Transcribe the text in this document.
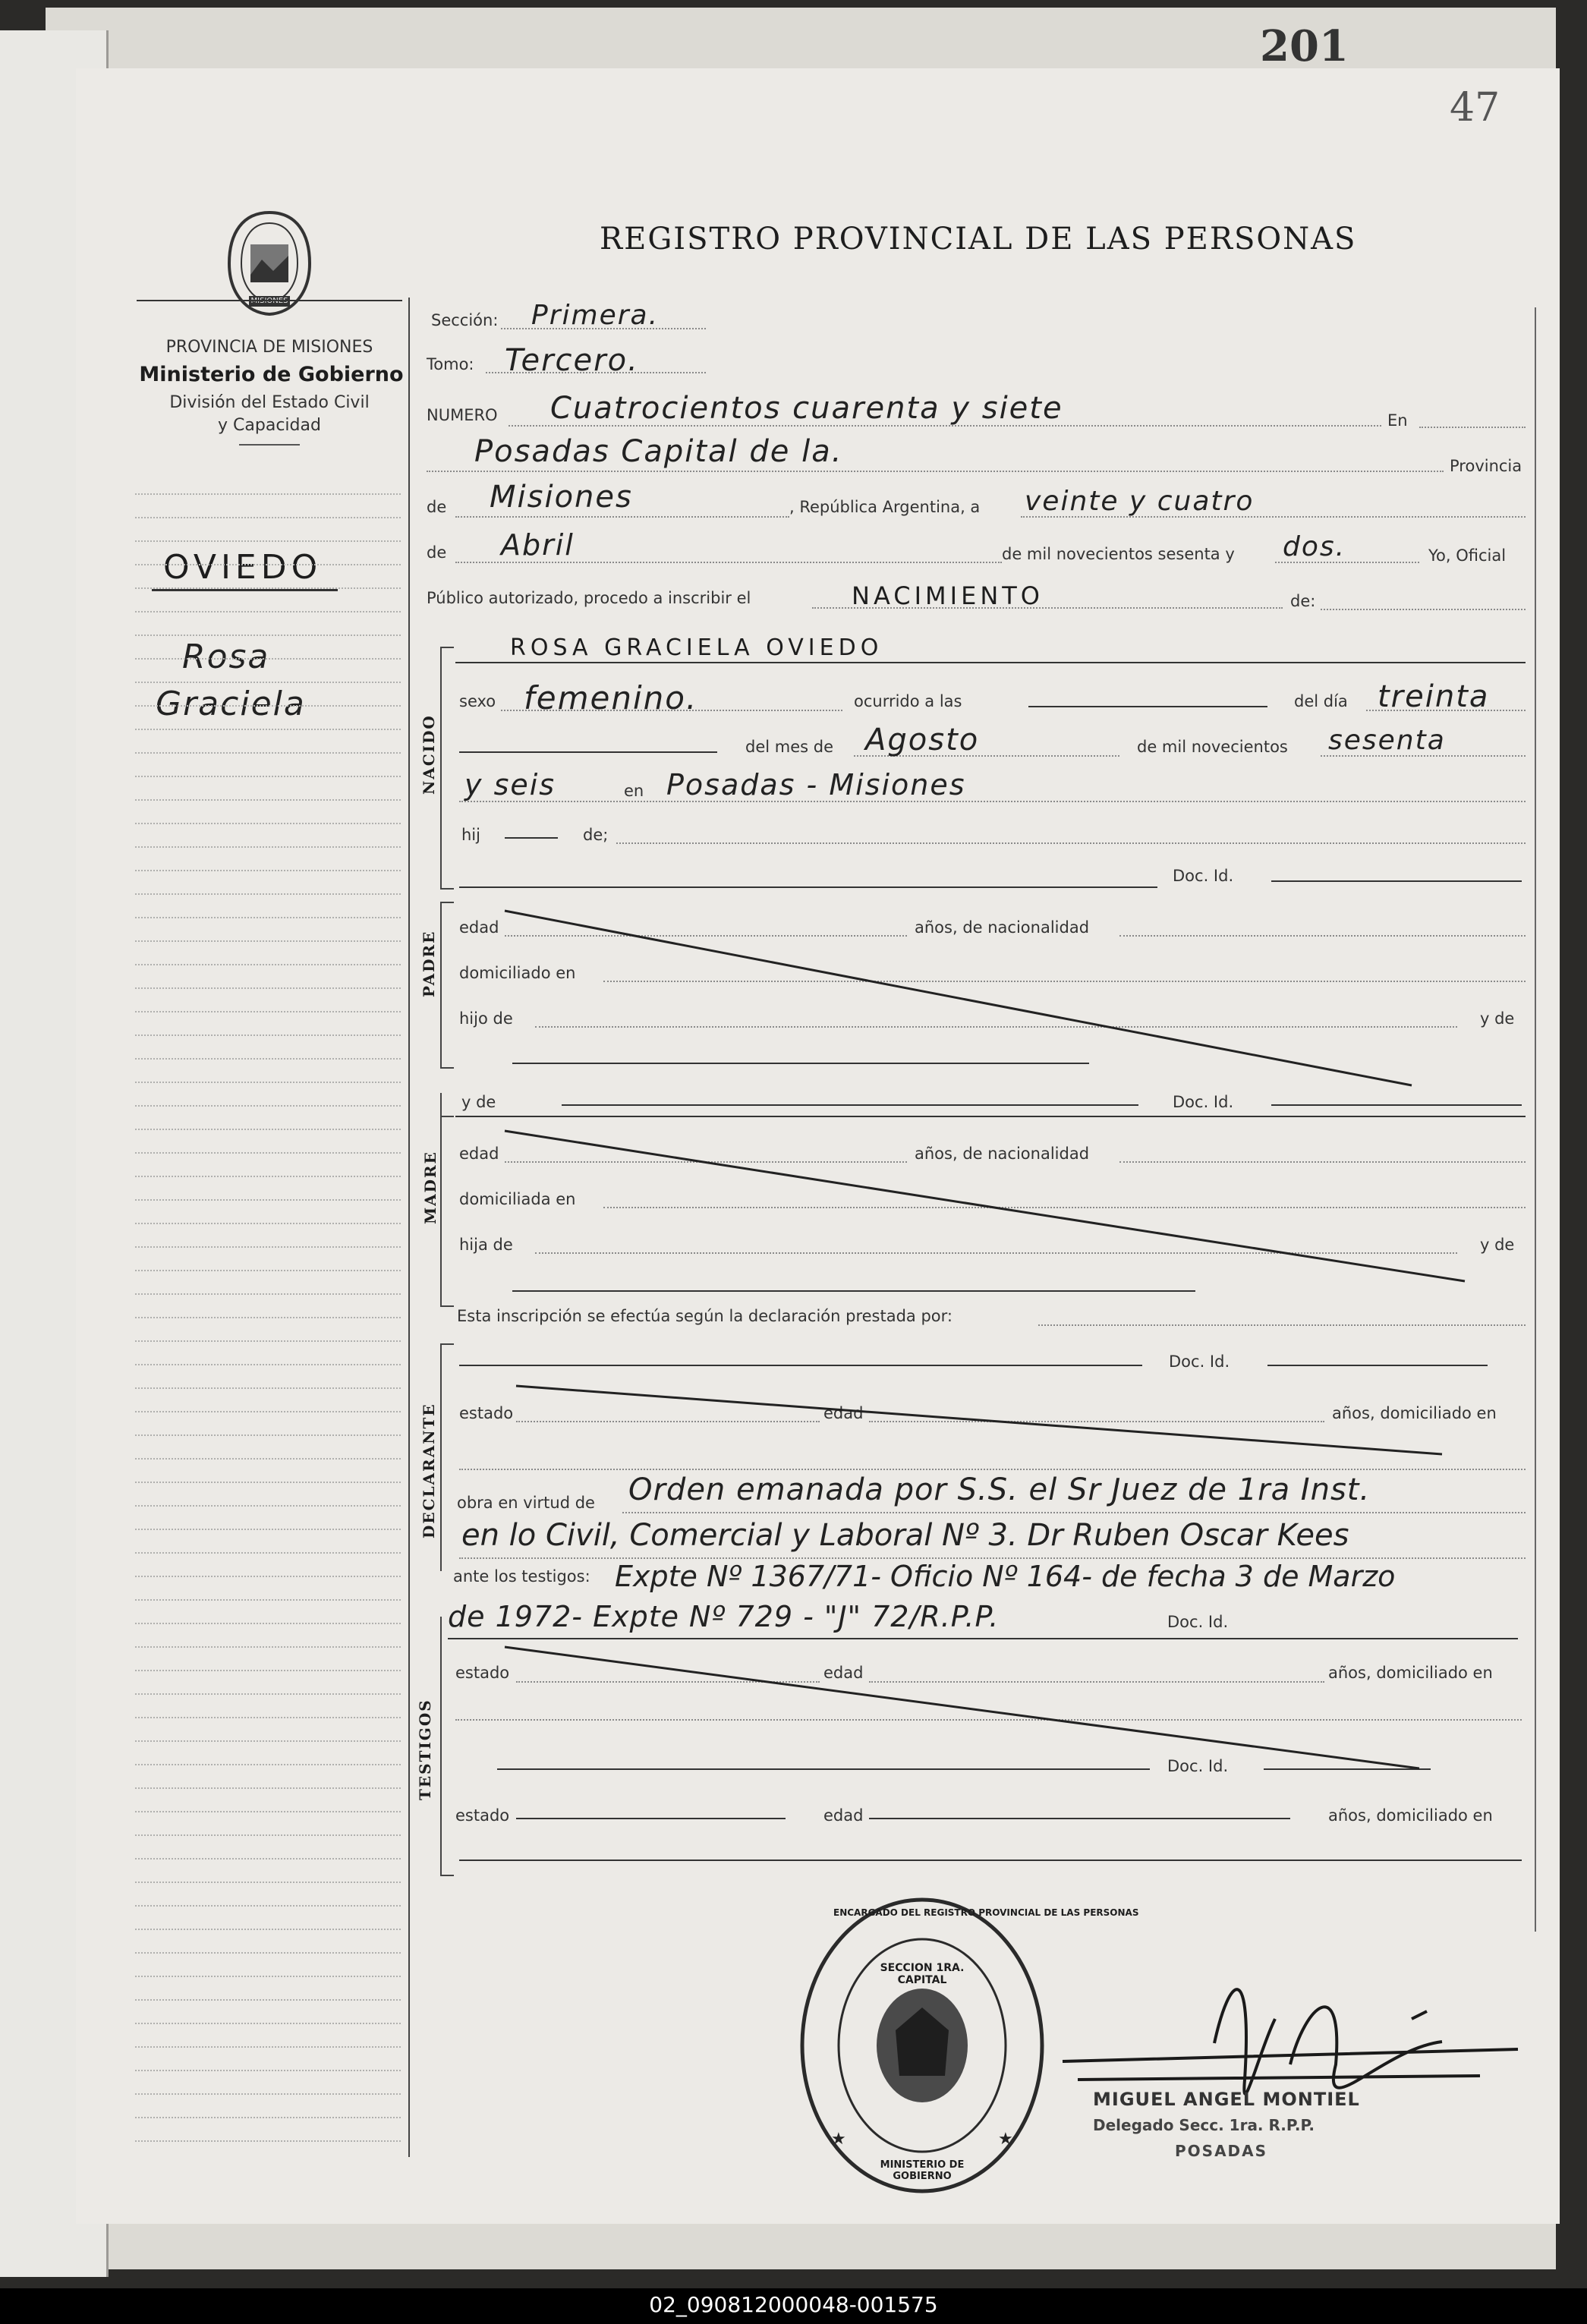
201
47
REGISTRO PROVINCIAL DE LAS PERSONAS
MISIONES
PROVINCIA DE MISIONES
Ministerio de Gobierno
División del Estado Civil
y Capacidad
OVIEDO
Rosa
Graciela
Sección: Primera.
Tomo: Tercero.
NUMERO Cuatrocientos cuarenta y siete	En
Posadas Capital de la.	Provincia
de Misiones	, República Argentina, a veinte y cuatro
de Abril	de mil novecientos sesenta y dos.	Yo, Oficial
Público autorizado, procedo a inscribir el	NACIMIENTO	de:
NACIDO
ROSA GRACIELA OVIEDO
sexo femenino.	ocurrido a las	del día treinta
del mes de Agosto	de mil novecientos sesenta
y seis	en Posadas - Misiones
hij	de;
Doc. Id.
PADRE
edad	años, de nacionalidad
domiciliado en
hijo de	y de
y de	Doc. Id.
MADRE edad	años, de nacionalidad
domiciliada en
hija de	y de
Esta inscripción se efectúa según la declaración prestada por:
DECLARANTE
Doc. Id.
estado	edad	años, domiciliado en
obra en virtud de Orden emanada por S.S. el Sr Juez de 1ra Inst.
en lo Civil, Comercial y Laboral Nº 3. Dr Ruben Oscar Kees
ante los testigos: Expte Nº 1367/71- Oficio Nº 164- de fecha 3 de Marzo
de 1972- Expte Nº 729 - "J" 72/R.P.P.	Doc. Id.
TESTIGOS
estado	edad	años, domiciliado en
Doc. Id.
estado	edad	años, domiciliado en
★	★
ENCARGADO DEL REGISTRO PROVINCIAL DE LAS PERSONAS
SECCION 1RA. CAPITAL
MINISTERIO DE GOBIERNO
MIGUEL ANGEL MONTIEL
Delegado Secc. 1ra. R.P.P.
POSADAS
02_090812000048-001575
